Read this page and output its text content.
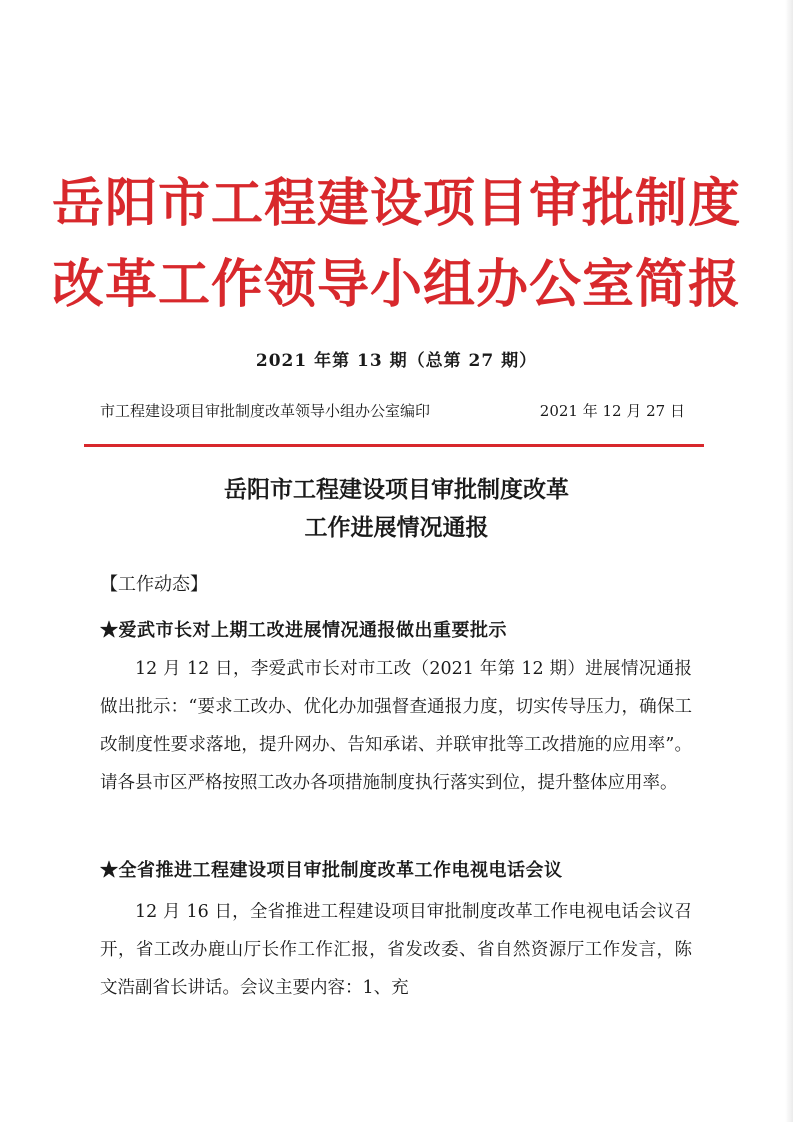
岳阳市工程建设项目审批制度
改革工作领导小组办公室简报
2021 年第 13 期（总第 27 期）
市工程建设项目审批制度改革领导小组办公室编印	2021 年 12 月 27 日
岳阳市工程建设项目审批制度改革
工作进展情况通报
【工作动态】
★爱武市长对上期工改进展情况通报做出重要批示
12 月 12 日，李爱武市长对市工改（2021 年第 12 期）进展情况通报做出批示：“要求工改办、优化办加强督查通报力度，切实传导压力，确保工改制度性要求落地，提升网办、告知承诺、并联审批等工改措施的应用率”。请各县市区严格按照工改办各项措施制度执行落实到位，提升整体应用率。
★全省推进工程建设项目审批制度改革工作电视电话会议
12 月 16 日，全省推进工程建设项目审批制度改革工作电视电话会议召开，省工改办鹿山厅长作工作汇报，省发改委、省自然资源厅工作发言，陈文浩副省长讲话。会议主要内容：1、充
